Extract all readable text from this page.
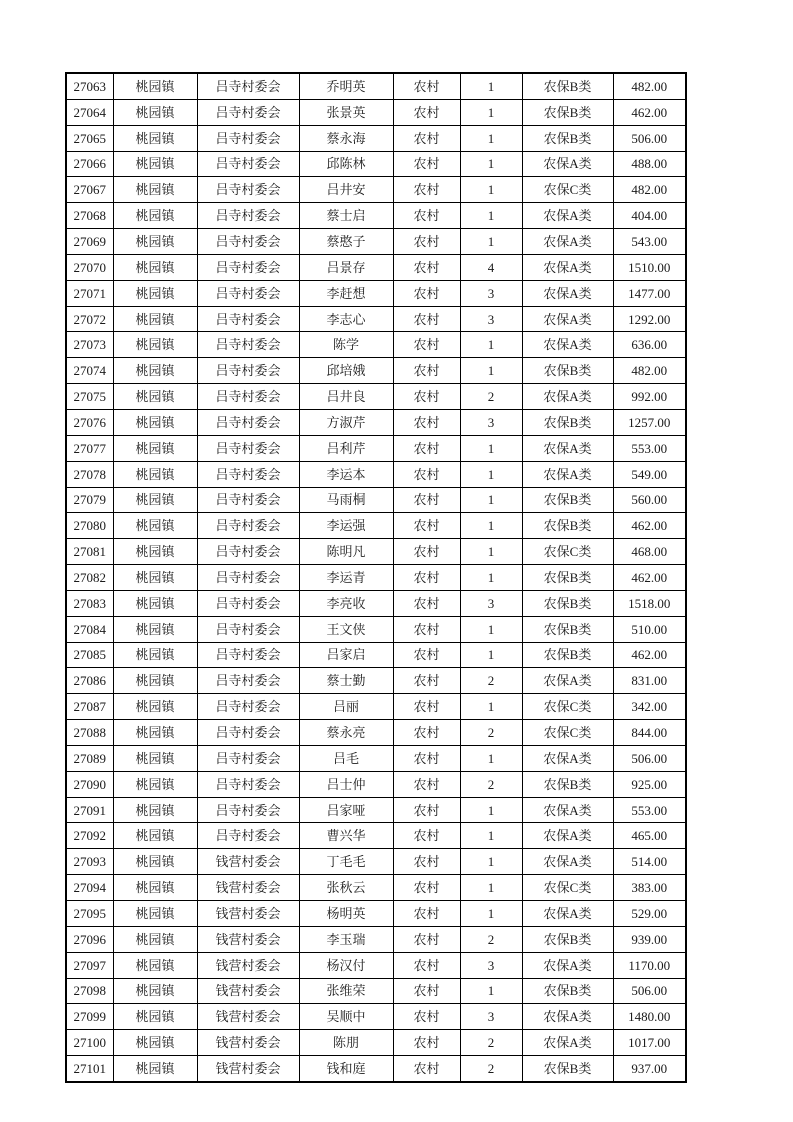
27063	桃园镇	吕寺村委会	乔明英	农村	1	农保B类	482.00
27064	桃园镇	吕寺村委会	张景英	农村	1	农保B类	462.00
27065	桃园镇	吕寺村委会	蔡永海	农村	1	农保B类	506.00
27066	桃园镇	吕寺村委会	邱陈林	农村	1	农保A类	488.00
27067	桃园镇	吕寺村委会	吕井安	农村	1	农保C类	482.00
27068	桃园镇	吕寺村委会	蔡士启	农村	1	农保A类	404.00
27069	桃园镇	吕寺村委会	蔡憨子	农村	1	农保A类	543.00
27070	桃园镇	吕寺村委会	吕景存	农村	4	农保A类	1510.00
27071	桃园镇	吕寺村委会	李赶想	农村	3	农保A类	1477.00
27072	桃园镇	吕寺村委会	李志心	农村	3	农保A类	1292.00
27073	桃园镇	吕寺村委会	陈学	农村	1	农保A类	636.00
27074	桃园镇	吕寺村委会	邱培娥	农村	1	农保B类	482.00
27075	桃园镇	吕寺村委会	吕井良	农村	2	农保A类	992.00
27076	桃园镇	吕寺村委会	方淑芹	农村	3	农保B类	1257.00
27077	桃园镇	吕寺村委会	吕利芹	农村	1	农保A类	553.00
27078	桃园镇	吕寺村委会	李运本	农村	1	农保A类	549.00
27079	桃园镇	吕寺村委会	马雨桐	农村	1	农保B类	560.00
27080	桃园镇	吕寺村委会	李运强	农村	1	农保B类	462.00
27081	桃园镇	吕寺村委会	陈明凡	农村	1	农保C类	468.00
27082	桃园镇	吕寺村委会	李运青	农村	1	农保B类	462.00
27083	桃园镇	吕寺村委会	李亮收	农村	3	农保B类	1518.00
27084	桃园镇	吕寺村委会	王文侠	农村	1	农保B类	510.00
27085	桃园镇	吕寺村委会	吕家启	农村	1	农保B类	462.00
27086	桃园镇	吕寺村委会	蔡士勤	农村	2	农保A类	831.00
27087	桃园镇	吕寺村委会	吕丽	农村	1	农保C类	342.00
27088	桃园镇	吕寺村委会	蔡永亮	农村	2	农保C类	844.00
27089	桃园镇	吕寺村委会	吕毛	农村	1	农保A类	506.00
27090	桃园镇	吕寺村委会	吕士仲	农村	2	农保B类	925.00
27091	桃园镇	吕寺村委会	吕家哑	农村	1	农保A类	553.00
27092	桃园镇	吕寺村委会	曹兴华	农村	1	农保A类	465.00
27093	桃园镇	钱营村委会	丁毛毛	农村	1	农保A类	514.00
27094	桃园镇	钱营村委会	张秋云	农村	1	农保C类	383.00
27095	桃园镇	钱营村委会	杨明英	农村	1	农保A类	529.00
27096	桃园镇	钱营村委会	李玉瑞	农村	2	农保B类	939.00
27097	桃园镇	钱营村委会	杨汉付	农村	3	农保A类	1170.00
27098	桃园镇	钱营村委会	张维荣	农村	1	农保B类	506.00
27099	桃园镇	钱营村委会	吴顺中	农村	3	农保A类	1480.00
27100	桃园镇	钱营村委会	陈朋	农村	2	农保A类	1017.00
27101	桃园镇	钱营村委会	钱和庭	农村	2	农保B类	937.00
